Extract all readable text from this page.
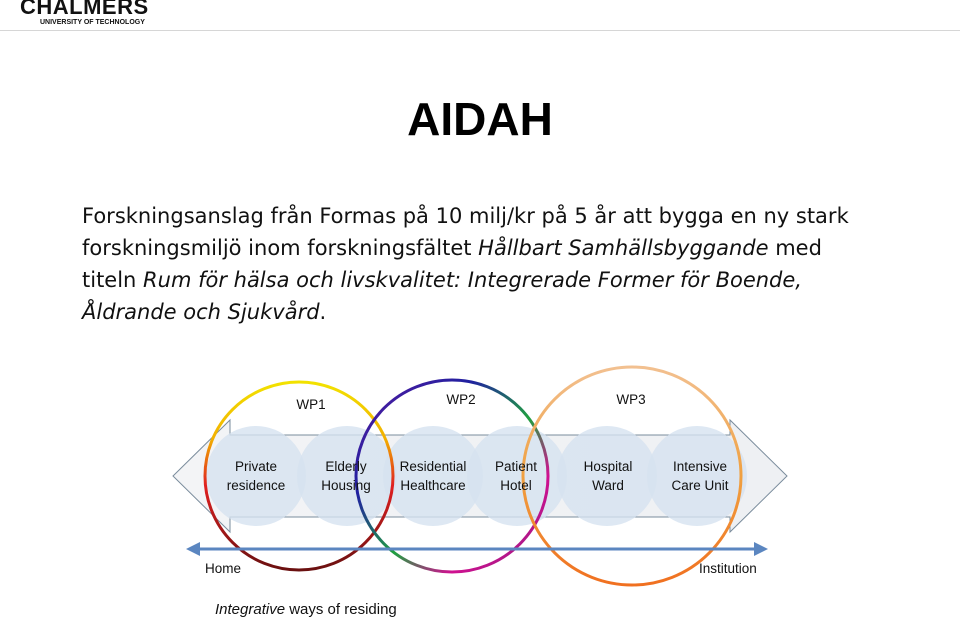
CHALMERS
UNIVERSITY OF TECHNOLOGY
AIDAH
Forskningsanslag från Formas på 10 milj/kr på 5 år att bygga en ny stark forskningsmiljö inom forskningsfältet Hållbart Samhällsbyggande med titeln Rum för hälsa och livskvalitet: Integrerade Former för Boende, Åldrande och Sjukvård.
WP1	WP2	WP3
Private
residence
Elderly
Housing
Residential
Healthcare
Patient
Hotel
Hospital
Ward
Intensive
Care Unit
Home	Institution
Integrative ways of residing
